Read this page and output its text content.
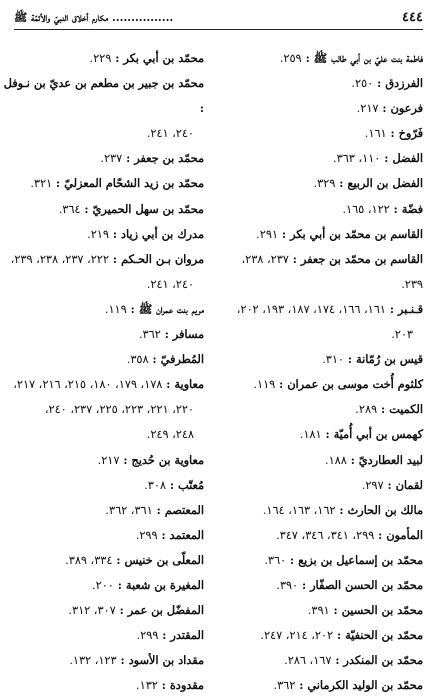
٤٤٤
................ مكارم أخلاق النبيّ والأئمّة ﷺ
فاطمة بنت عليّ بن أبي طالب ﷺ : ٢٥٩.
الفرزدق : ٢٥٠.
فرعون : ٢١٧.
فَرّوخ : ١٦١.
الفضل : ١١٠، ٣٦٣.
الفضل بن الربيع : ٣٢٩.
فضّة : ١٢٢، ١٦٥.
القاسم بن محمّد بن أبي بكر : ٢٩١.
القاسم بن محمّد بن جعفر : ٢٣٧، ٢٣٨، ٢٣٩.
قـنـبر : ١٦١، ١٦٦، ١٧٤، ١٨٧، ١٩٣، ٢٠٢،
٢٠٣.
قيس بن رُمّانة : ٣١٠.
كلثوم أُخت موسى بن عمران : ١١٩.
الكميت : ٢٨٩.
كهمس بن أبي أُميّة : ١٨١.
لبيد العطارديّ : ١٨٨.
لقمان : ٢٩٧.
مالك بن الحارث : ١٦٢، ١٦٣، ١٦٤.
المأمون : ٢٩٩، ٣٤١، ٣٤٦، ٣٤٧.
محمّد بن إسماعيل بن بزيع : ٣٦٠.
محمّد بن الحسن الصفّار : ٣٩٠.
محمّد بن الحسين : ٣٩١.
محمّد بن الحنفيّة : ٢٠٢، ٢١٤، ٢٤٧.
محمّد بن المنكدر : ١٦٧، ٢٨٦.
محمّد بن الوليد الكرماني : ٣٦٢.
محمّد بن أبي بكر : ٢٢٩.
محمّد بن جبير بن مطعم بن عديّ بن نـوفل :
٢٤٠، ٢٤١.
محمّد بن جعفر : ٢٣٧.
محمّد بن زيد الشحّام المعزليّ : ٣٢١.
محمّد بن سهل الحميريّ : ٣٦٤.
مدرك بن أبي زياد : ٢١٩.
مروان بـن الحـكم : ٢٢٢، ٢٣٧، ٢٣٨، ٢٣٩،
٢٤٠، ٢٤١.
مريم بنت عمران ﷺ : ١١٩.
مسافر : ٣٦٢.
المُطرفيّ : ٣٥٨.
معاوية : ١٧٨، ١٧٩، ١٨٠، ٢١٥، ٢١٦، ٢١٧،
٢٢٠، ٢٢١، ٢٢٣، ٢٢٥، ٢٣٧، ٢٤٠،
٢٤٨، ٢٤٩.
معاوية بن حُديج : ٢١٧.
مُعتّب : ٣٠٨.
المعتصم : ٣٦١، ٣٦٢.
المعتمد : ٢٩٩.
المعلّى بن خنيس : ٣٣٤، ٣٨٩.
المغيرة بن شعبة : ٢٠٠.
المفضّل بن عمر : ٣٠٧، ٣١٢.
المقتدر : ٢٩٩.
مقداد بن الأسود : ١٢٣، ١٣٢.
مقدودة : ١٣٢.
